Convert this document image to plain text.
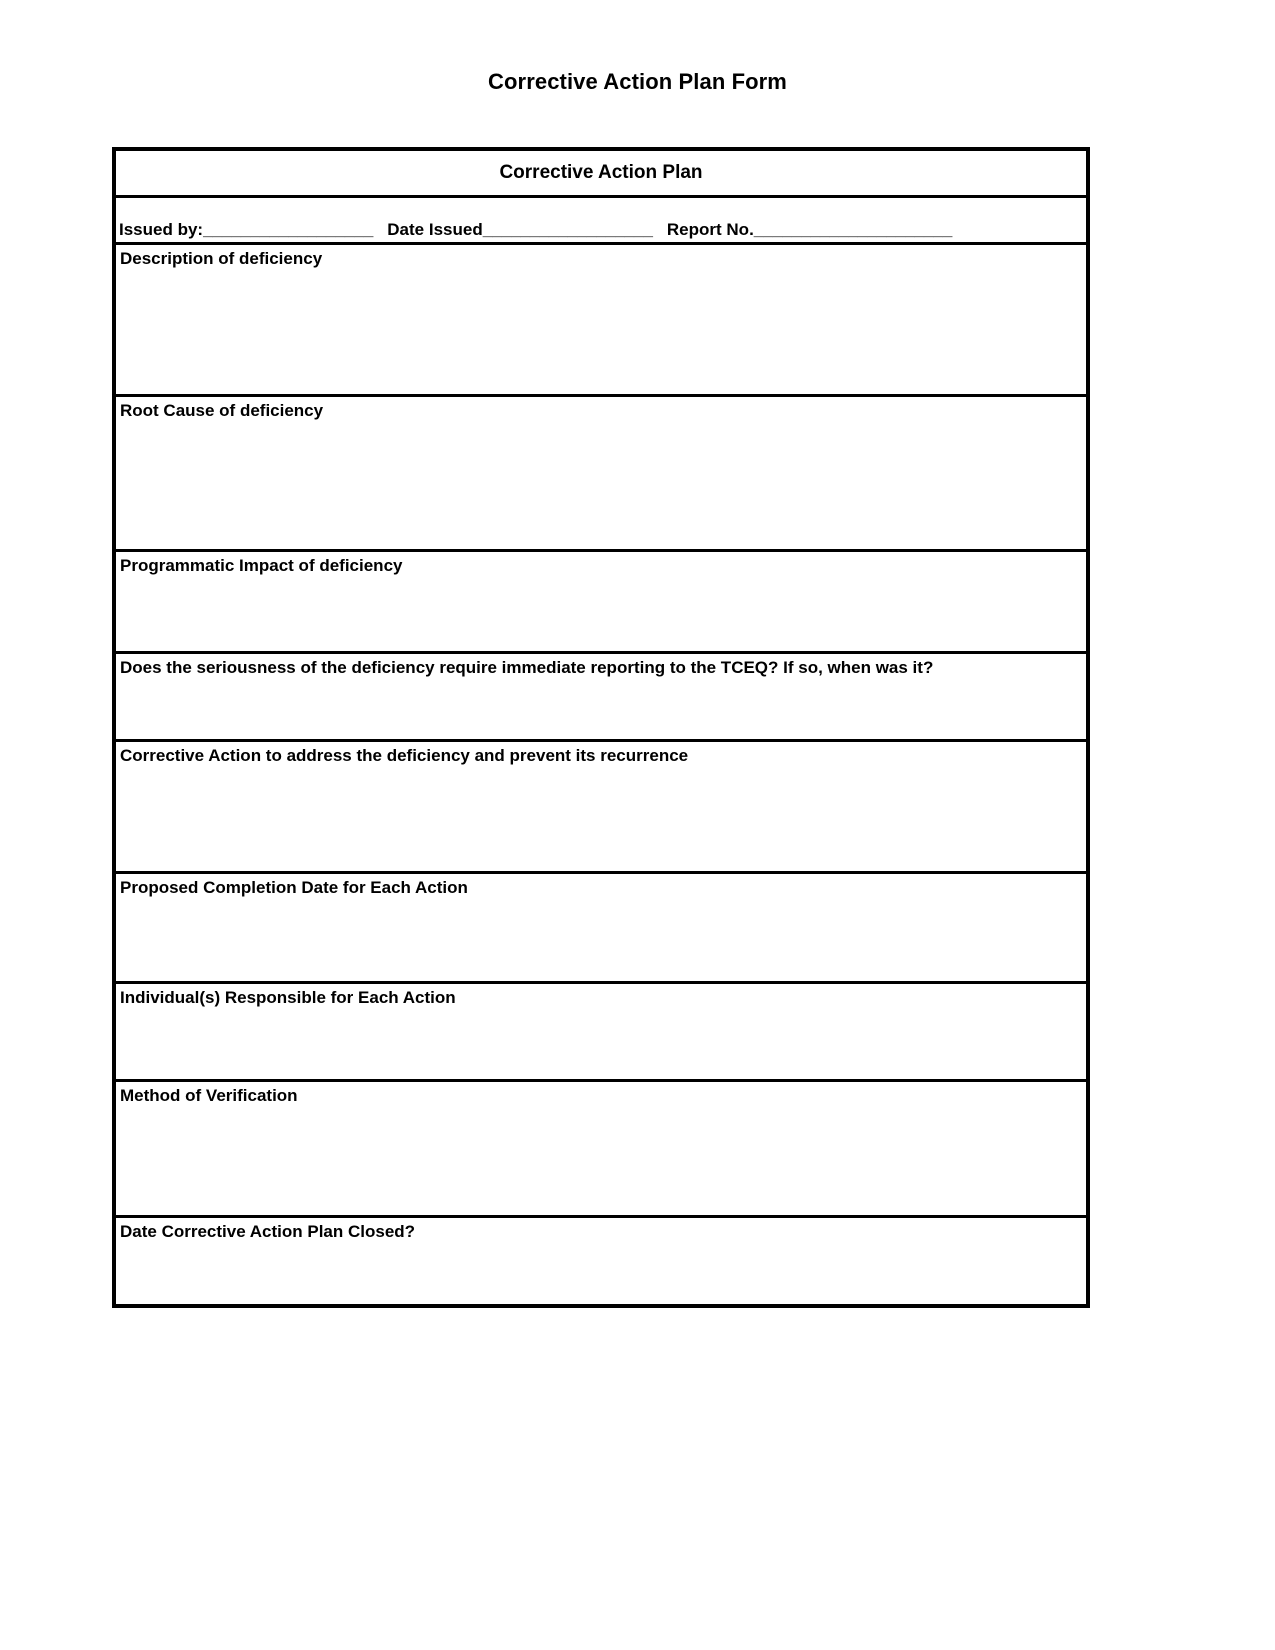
Corrective Action Plan Form
Corrective Action Plan
Issued by:__________________ Date Issued__________________ Report No._____________________
Description of deficiency
Root Cause of deficiency
Programmatic Impact of deficiency
Does the seriousness of the deficiency require immediate reporting to the TCEQ? If so, when was it?
Corrective Action to address the deficiency and prevent its recurrence
Proposed Completion Date for Each Action
Individual(s) Responsible for Each Action
Method of Verification
Date Corrective Action Plan Closed?
